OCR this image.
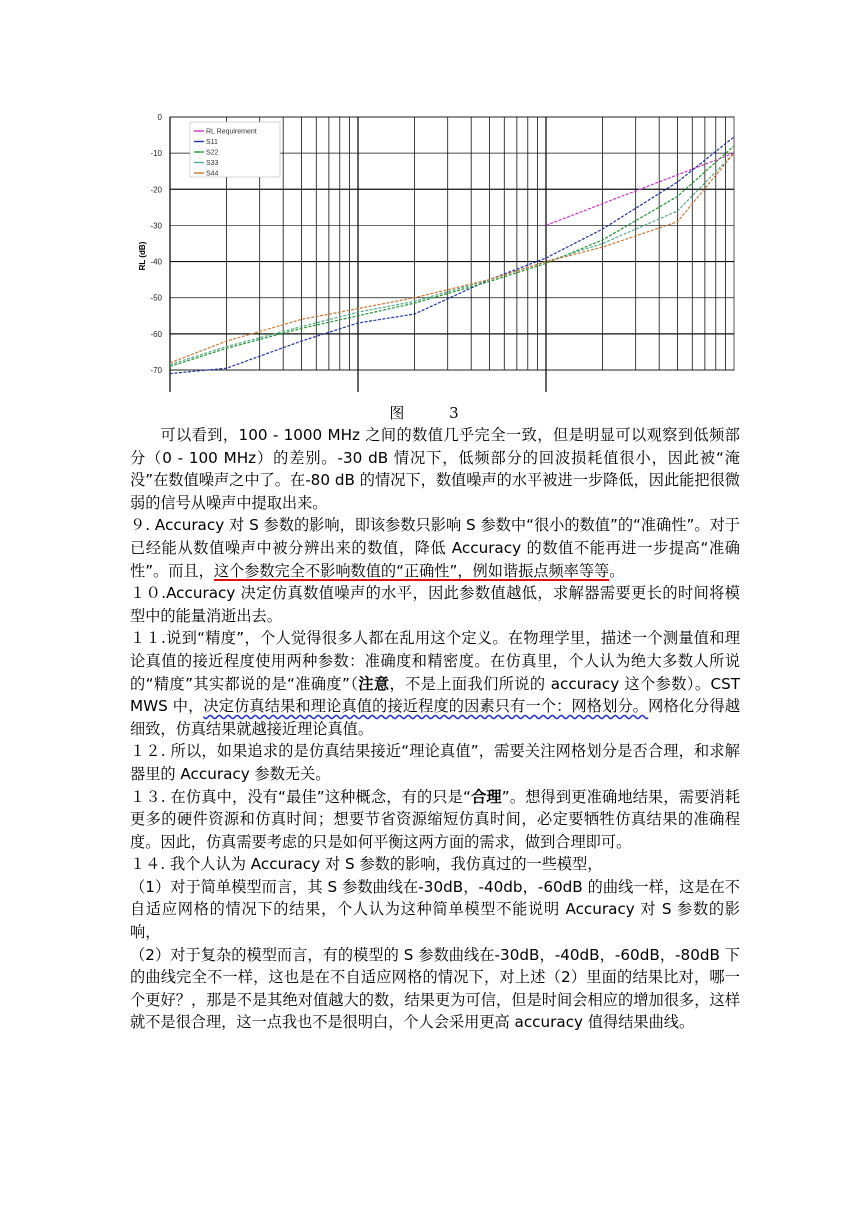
0
-10
-20
-30
-40
-50
-60
-70
RL (dB)
RL Requirement
S11
S22
S33
S44
图 3

可以看到，100 - 1000 MHz 之间的数值几乎完全一致，但是明显可以观察到低频部分（0 - 100 MHz）的差别。-30 dB 情况下，低频部分的回波损耗值很小，因此被“淹没”在数值噪声之中了。在-80 dB 的情况下，数值噪声的水平被进一步降低，因此能把很微弱的信号从噪声中提取出来。

９. Accuracy 对 S 参数的影响，即该参数只影响 S 参数中“很小的数值”的“准确性”。对于已经能从数值噪声中被分辨出来的数值，降低 Accuracy 的数值不能再进一步提高“准确性”。而且，这个参数完全不影响数值的“正确性”，例如谐振点频率等等。

１０.Accuracy 决定仿真数值噪声的水平，因此参数值越低，求解器需要更长的时间将模型中的能量消逝出去。

１１.说到“精度”，个人觉得很多人都在乱用这个定义。在物理学里，描述一个测量值和理论真值的接近程度使用两种参数：准确度和精密度。在仿真里，个人认为绝大多数人所说的“精度”其实都说的是“准确度”（注意，不是上面我们所说的 accuracy 这个参数）。CST MWS 中，决定仿真结果和理论真值的接近程度的因素只有一个：网格划分。网格化分得越细致，仿真结果就越接近理论真值。

１２. 所以，如果追求的是仿真结果接近“理论真值”，需要关注网格划分是否合理，和求解器里的 Accuracy 参数无关。

１３. 在仿真中，没有“最佳”这种概念，有的只是“合理”。想得到更准确地结果，需要消耗更多的硬件资源和仿真时间；想要节省资源缩短仿真时间，必定要牺牲仿真结果的准确程度。因此，仿真需要考虑的只是如何平衡这两方面的需求，做到合理即可。

１４. 我个人认为 Accuracy 对 S 参数的影响，我仿真过的一些模型，

（1）对于简单模型而言，其 S 参数曲线在-30dB，-40db，-60dB 的曲线一样，这是在不自适应网格的情况下的结果，个人认为这种简单模型不能说明 Accuracy 对 S 参数的影响，

（2）对于复杂的模型而言，有的模型的 S 参数曲线在-30dB，-40dB，-60dB，-80dB 下的曲线完全不一样，这也是在不自适应网格的情况下，对上述（2）里面的结果比对，哪一个更好？，那是不是其绝对值越大的数，结果更为可信，但是时间会相应的增加很多，这样就不是很合理，这一点我也不是很明白，个人会采用更高 accuracy 值得结果曲线。
